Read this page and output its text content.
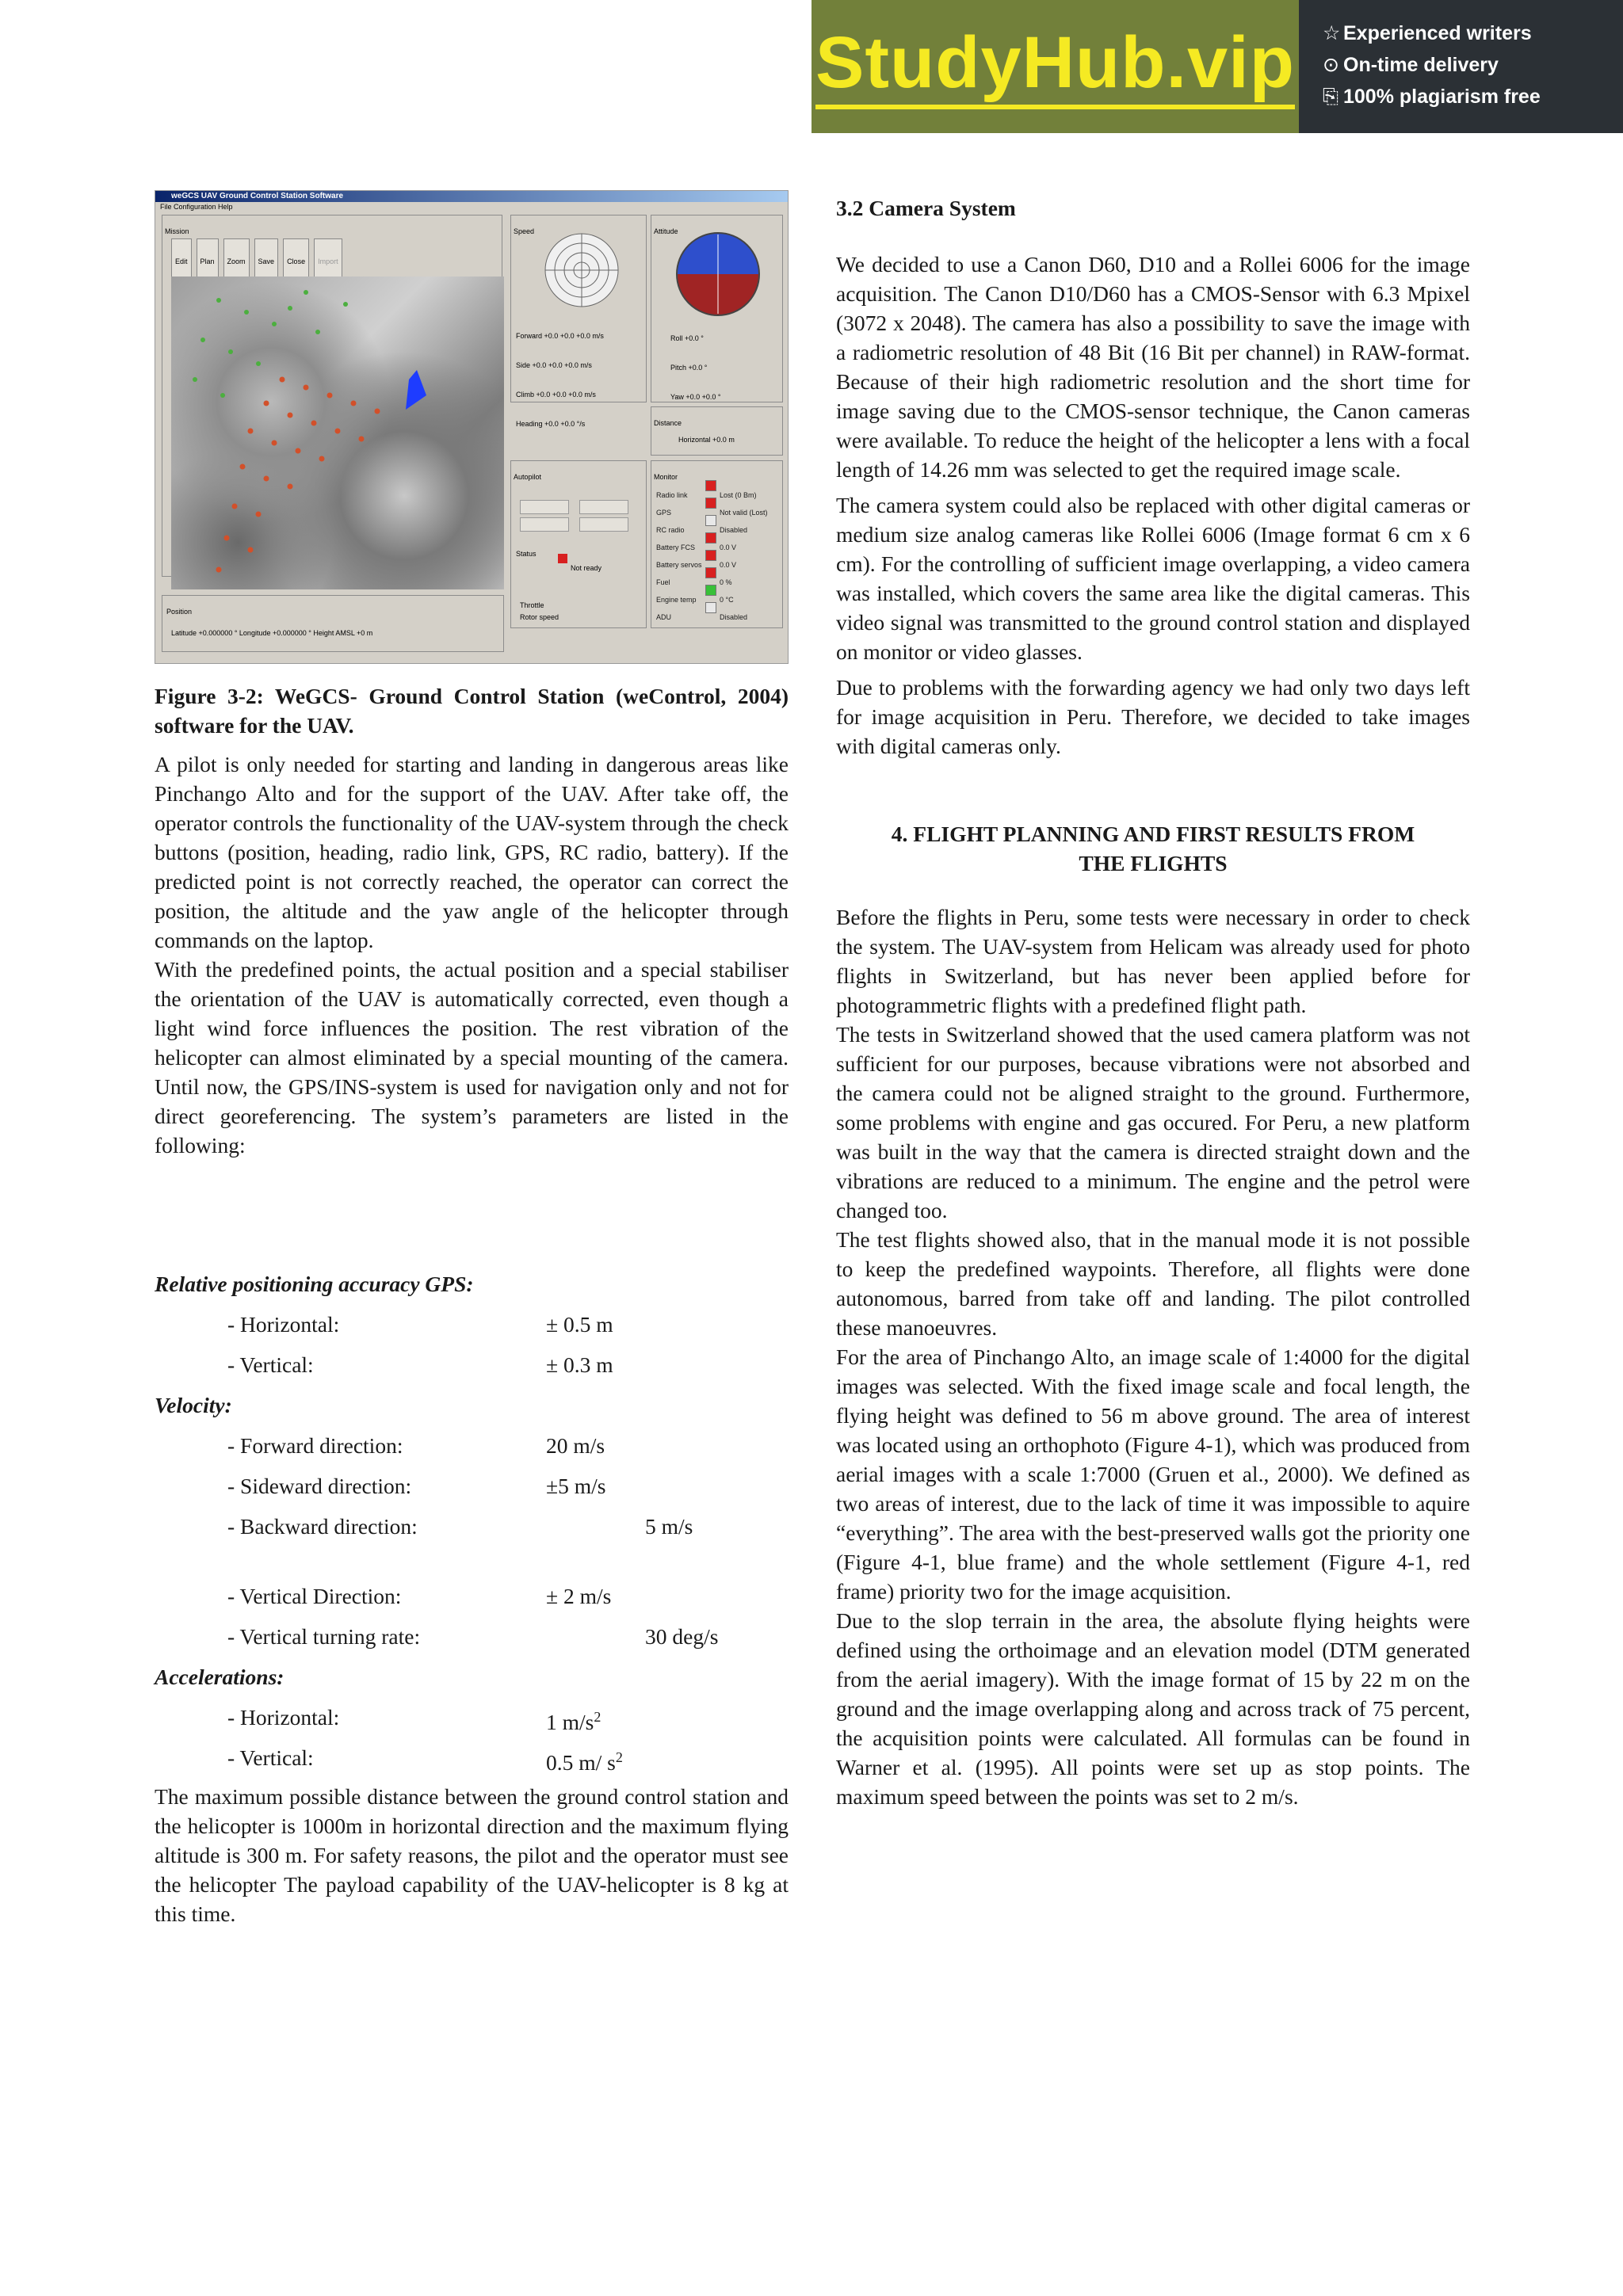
StudyHub.vip ☆ Experienced writers
⊙ On-time delivery
⎘ 100% plagiarism free
weGCS UAV Ground Control Station Software
File Configuration Help
Mission
Edit	Plan	Zoom	Save	Close	Import
Speed
Forward +0.0 +0.0 +0.0 m/s
Side +0.0 +0.0 +0.0 m/s
Climb +0.0 +0.0 +0.0 m/s
Heading +0.0 +0.0 °/s
Attitude
Roll +0.0 °
Pitch +0.0 °
Yaw +0.0 +0.0 °
Distance
Horizontal +0.0 m
Autopilot
Status
Not ready
Throttle
Rotor speed
Monitor
Radio link	Lost (0 Bm)
GPS	Not valid (Lost)
RC radio	Disabled
Battery FCS	0.0 V
Battery servos 0.0 V
Fuel	0 %
Engine temp	0 °C
ADU	Disabled
Position
Latitude +0.000000 ° Longitude +0.000000 ° Height AMSL +0 m

Figure 3-2: WeGCS- Ground Control Station (weControl, 2004) software for the UAV.

A pilot is only needed for starting and landing in dangerous areas like Pinchango Alto and for the support of the UAV. After take off, the operator controls the functionality of the UAV-system through the check buttons (position, heading, radio link, GPS, RC radio, battery). If the predicted point is not correctly reached, the operator can correct the position, the altitude and the yaw angle of the helicopter through commands on the laptop.

With the predefined points, the actual position and a special stabiliser the orientation of the UAV is automatically corrected, even though a light wind force influences the position. The rest vibration of the helicopter can almost eliminated by a special mounting of the camera. Until now, the GPS/INS-system is used for navigation only and not for direct georeferencing. The system’s parameters are listed in the following:

Relative positioning accuracy GPS:
- Horizontal:	± 0.5 m
- Vertical:	± 0.3 m
Velocity:
- Forward direction:	20 m/s
- Sideward direction:	±5 m/s
- Backward direction:	5 m/s
- Vertical Direction:	± 2 m/s
- Vertical turning rate:	30 deg/s
Accelerations:
- Horizontal:	1 $m/s^2$
- Vertical:	0.5 m/ $s^2$

The maximum possible distance between the ground control station and the helicopter is 1000m in horizontal direction and the maximum flying altitude is 300 m. For safety reasons, the pilot and the operator must see the helicopter The payload capability of the UAV-helicopter is 8 kg at this time.

3.2 Camera System

We decided to use a Canon D60, D10 and a Rollei 6006 for the image acquisition. The Canon D10/D60 has a CMOS-Sensor with 6.3 Mpixel (3072 x 2048). The camera has also a possibility to save the image with a radiometric resolution of 48 Bit (16 Bit per channel) in RAW-format. Because of their high radiometric resolution and the short time for image saving due to the CMOS-sensor technique, the Canon cameras were available. To reduce the height of the helicopter a lens with a focal length of 14.26 mm was selected to get the required image scale.

The camera system could also be replaced with other digital cameras or medium size analog cameras like Rollei 6006 (Image format 6 cm x 6 cm). For the controlling of sufficient image overlapping, a video camera was installed, which covers the same area like the digital cameras. This video signal was transmitted to the ground control station and displayed on monitor or video glasses.

Due to problems with the forwarding agency we had only two days left for image acquisition in Peru. Therefore, we decided to take images with digital cameras only.

4. FLIGHT PLANNING AND FIRST RESULTS FROM

THE FLIGHTS

Before the flights in Peru, some tests were necessary in order to check the system. The UAV-system from Helicam was already used for photo flights in Switzerland, but has never been applied before for photogrammetric flights with a predefined flight path.

The tests in Switzerland showed that the used camera platform was not sufficient for our purposes, because vibrations were not absorbed and the camera could not be aligned straight to the ground. Furthermore, some problems with engine and gas occured. For Peru, a new platform was built in the way that the camera is directed straight down and the vibrations are reduced to a minimum. The engine and the petrol were changed too.

The test flights showed also, that in the manual mode it is not possible to keep the predefined waypoints. Therefore, all flights were done autonomous, barred from take off and landing. The pilot controlled these manoeuvres.

For the area of Pinchango Alto, an image scale of 1:4000 for the digital images was selected. With the fixed image scale and focal length, the flying height was defined to 56 m above ground. The area of interest was located using an orthophoto (Figure 4-1), which was produced from aerial images with a scale 1:7000 (Gruen et al., 2000). We defined as two areas of interest, due to the lack of time it was impossible to aquire “everything”. The area with the best-preserved walls got the priority one (Figure 4-1, blue frame) and the whole settlement (Figure 4-1, red frame) priority two for the image acquisition.

Due to the slop terrain in the area, the absolute flying heights were defined using the orthoimage and an elevation model (DTM generated from the aerial imagery). With the image format of 15 by 22 m on the ground and the image overlapping along and across track of 75 percent, the acquisition points were calculated. All formulas can be found in Warner et al. (1995). All points were set up as stop points. The maximum speed between the points was set to 2 m/s.
